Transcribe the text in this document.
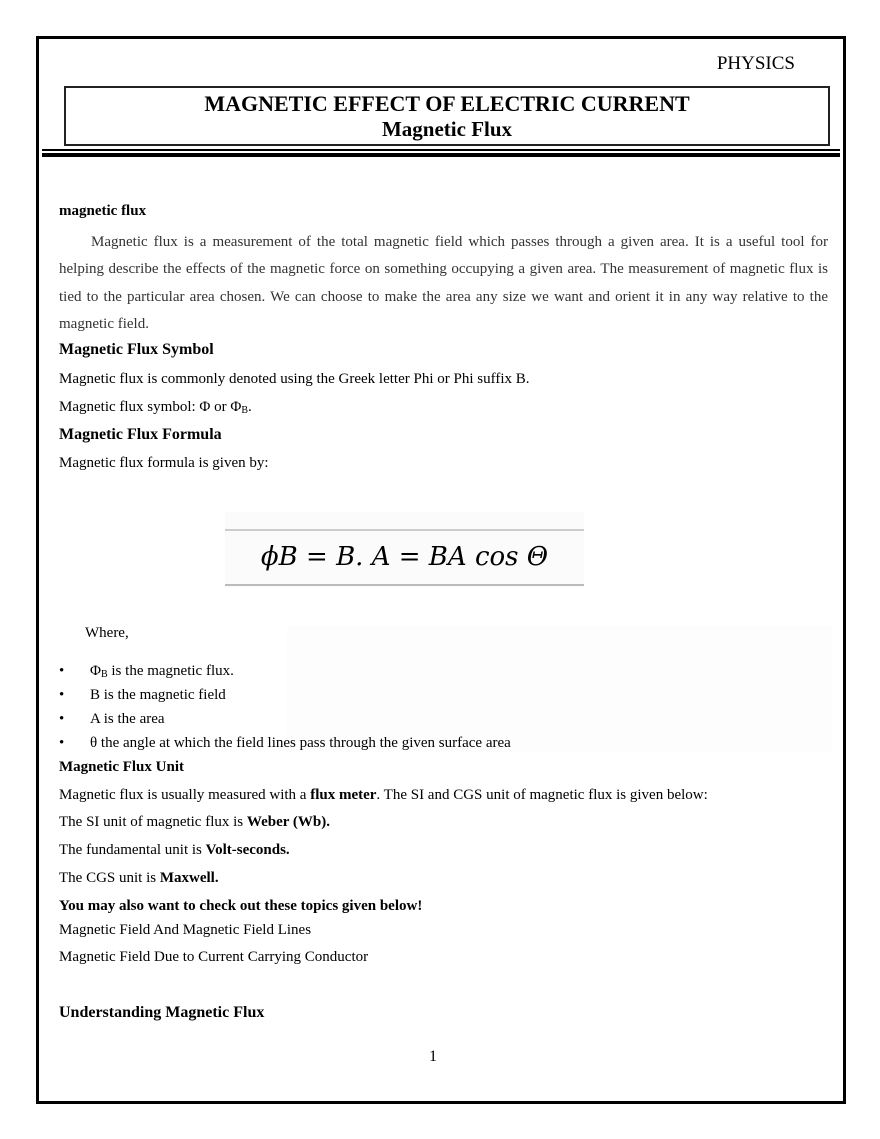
PHYSICS
MAGNETIC EFFECT OF ELECTRIC CURRENT
Magnetic Flux
magnetic flux
Magnetic flux is a measurement of the total magnetic field which passes through a given area. It is a useful tool for helping describe the effects of the magnetic force on something occupying a given area. The measurement of magnetic flux is tied to the particular area chosen. We can choose to make the area any size we want and orient it in any way relative to the magnetic field.
Magnetic Flux Symbol
Magnetic flux is commonly denoted using the Greek letter Phi or Phi suffix B.
Magnetic flux symbol: Φ or $\Phi_B$.
Magnetic Flux Formula
Magnetic flux formula is given by:
ϕB = B. A = BA cos Θ
Where,
• $\Phi_B$ is the magnetic flux.
• B is the magnetic field
• A is the area
• θ the angle at which the field lines pass through the given surface area
Magnetic Flux Unit
Magnetic flux is usually measured with a flux meter. The SI and CGS unit of magnetic flux is given below:
The SI unit of magnetic flux is Weber (Wb).
The fundamental unit is Volt-seconds.
The CGS unit is Maxwell.
You may also want to check out these topics given below!
Magnetic Field And Magnetic Field Lines
Magnetic Field Due to Current Carrying Conductor
Understanding Magnetic Flux
1
